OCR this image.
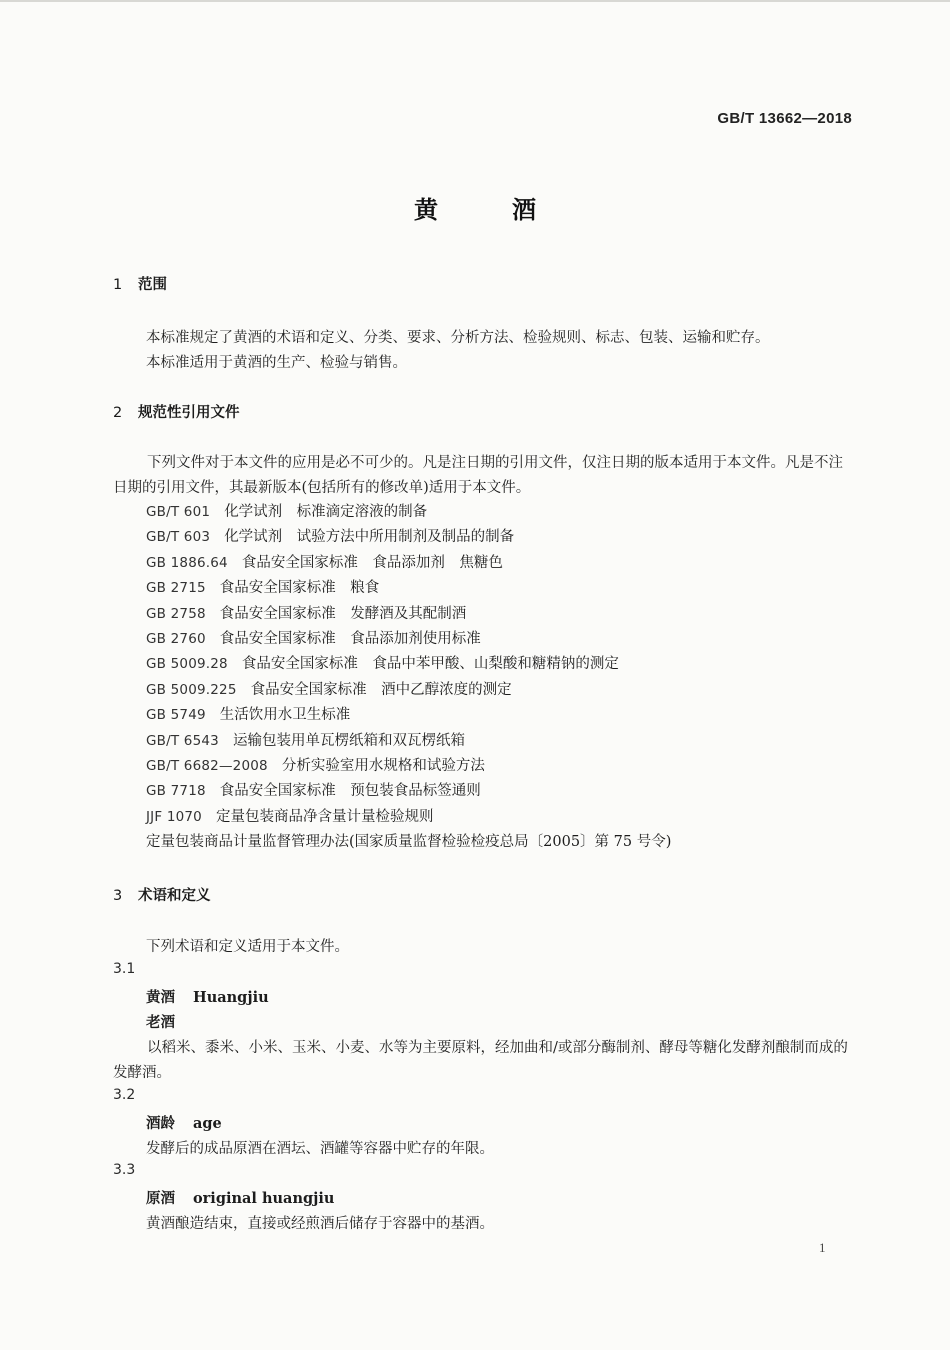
GB/T 13662—2018
黄酒
1 范围
本标准规定了黄酒的术语和定义、分类、要求、分析方法、检验规则、标志、包装、运输和贮存。
本标准适用于黄酒的生产、检验与销售。
2 规范性引用文件
下列文件对于本文件的应用是必不可少的。凡是注日期的引用文件，仅注日期的版本适用于本文件。凡是不注日期的引用文件，其最新版本(包括所有的修改单)适用于本文件。
GB/T 601 化学试剂　标准滴定溶液的制备
GB/T 603 化学试剂　试验方法中所用制剂及制品的制备
GB 1886.64 食品安全国家标准　食品添加剂　焦糖色
GB 2715 食品安全国家标准　粮食
GB 2758 食品安全国家标准　发酵酒及其配制酒
GB 2760 食品安全国家标准　食品添加剂使用标准
GB 5009.28 食品安全国家标准　食品中苯甲酸、山梨酸和糖精钠的测定
GB 5009.225 食品安全国家标准　酒中乙醇浓度的测定
GB 5749 生活饮用水卫生标准
GB/T 6543 运输包装用单瓦楞纸箱和双瓦楞纸箱
GB/T 6682—2008 分析实验室用水规格和试验方法
GB 7718 食品安全国家标准　预包装食品标签通则
JJF 1070 定量包装商品净含量计量检验规则
定量包装商品计量监督管理办法(国家质量监督检验检疫总局〔2005〕第 75 号令)
3 术语和定义
下列术语和定义适用于本文件。
3.1
黄酒 Huangjiu
老酒
以稻米、黍米、小米、玉米、小麦、水等为主要原料，经加曲和/或部分酶制剂、酵母等糖化发酵剂酿制而成的发酵酒。
3.2
酒龄 age
发酵后的成品原酒在酒坛、酒罐等容器中贮存的年限。
3.3
原酒 original huangjiu
黄酒酿造结束，直接或经煎酒后储存于容器中的基酒。
1
